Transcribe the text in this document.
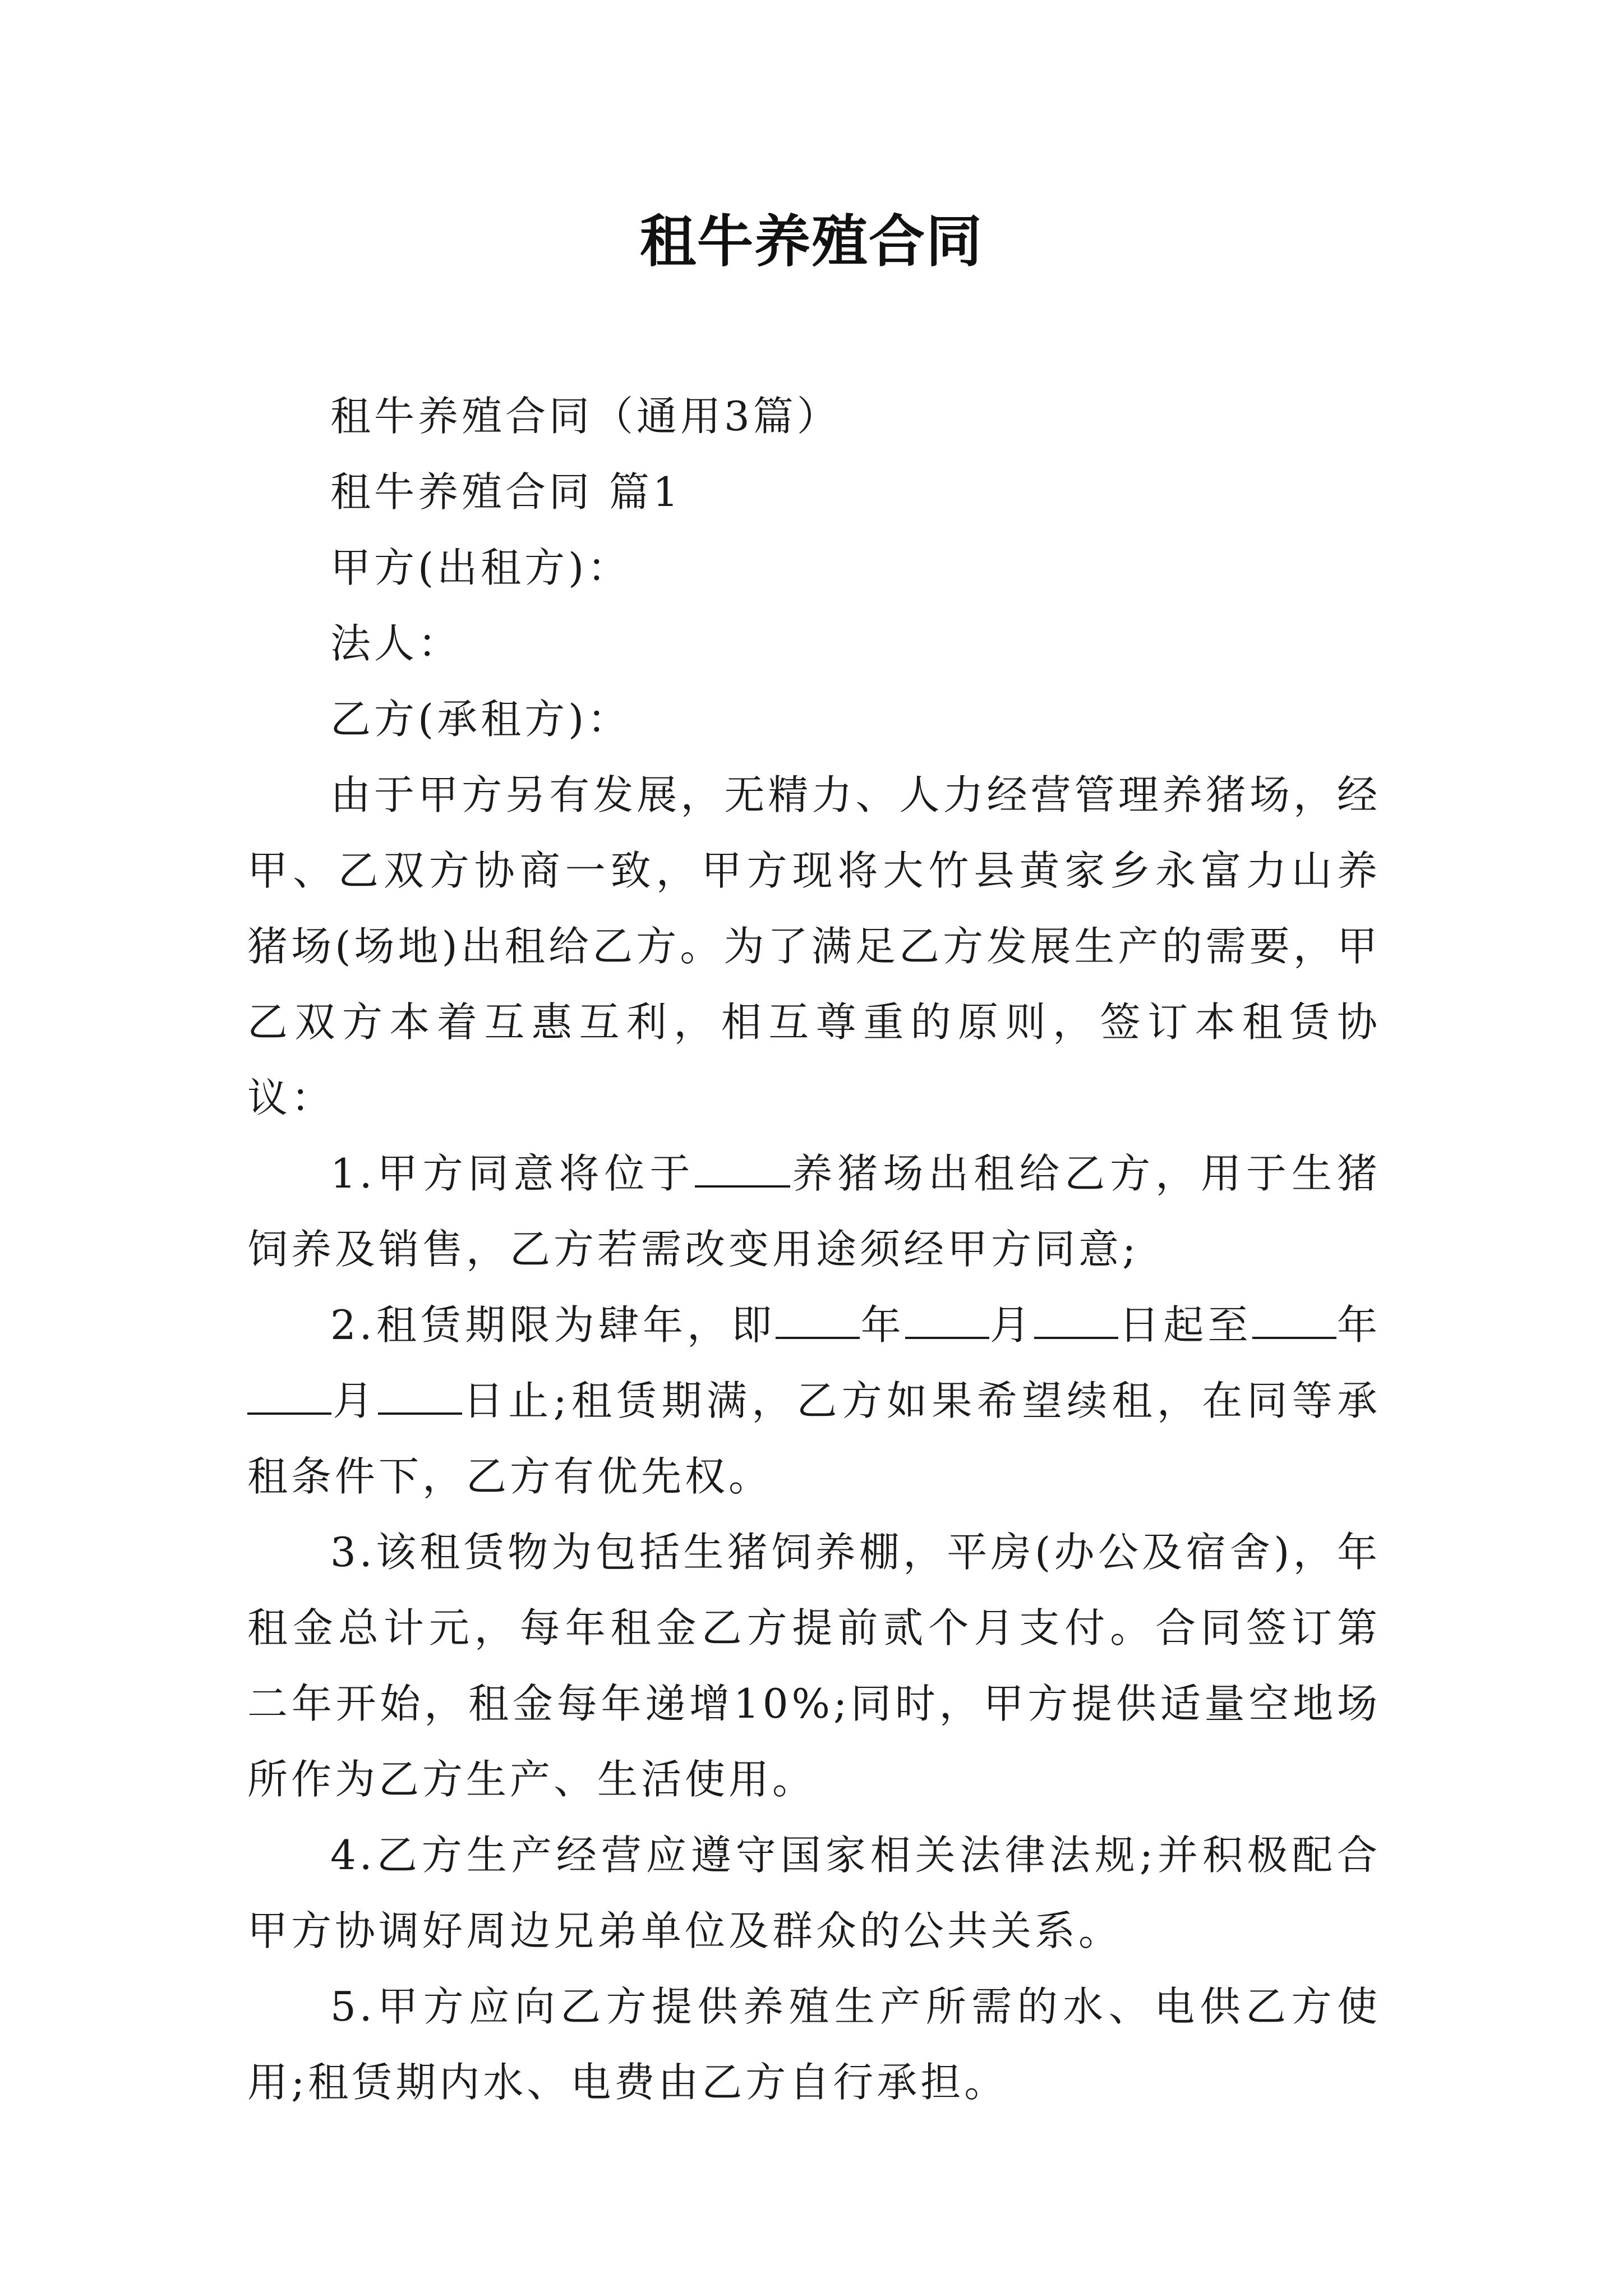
租牛养殖合同

租牛养殖合同（通用3篇）

租牛养殖合同 篇1

甲方(出租方)：

法人：

乙方(承租方)：

由于甲方另有发展，无精力、人力经营管理养猪场，经甲、乙双方协商一致，甲方现将大竹县黄家乡永富力山养猪场(场地)出租给乙方。为了满足乙方发展生产的需要，甲乙双方本着互惠互利，相互尊重的原则，签订本租赁协议：

1.甲方同意将位于 养猪场出租给乙方，用于生猪饲养及销售，乙方若需改变用途须经甲方同意;

2.租赁期限为肆年，即 年 月 日起至 年月 日止;租赁期满，乙方如果希望续租，在同等承租条件下，乙方有优先权。

3.该租赁物为包括生猪饲养棚，平房(办公及宿舍)，年租金总计元，每年租金乙方提前贰个月支付。合同签订第二年开始，租金每年递增10%;同时，甲方提供适量空地场所作为乙方生产、生活使用。

4.乙方生产经营应遵守国家相关法律法规;并积极配合甲方协调好周边兄弟单位及群众的公共关系。

5.甲方应向乙方提供养殖生产所需的水、电供乙方使用;租赁期内水、电费由乙方自行承担。
